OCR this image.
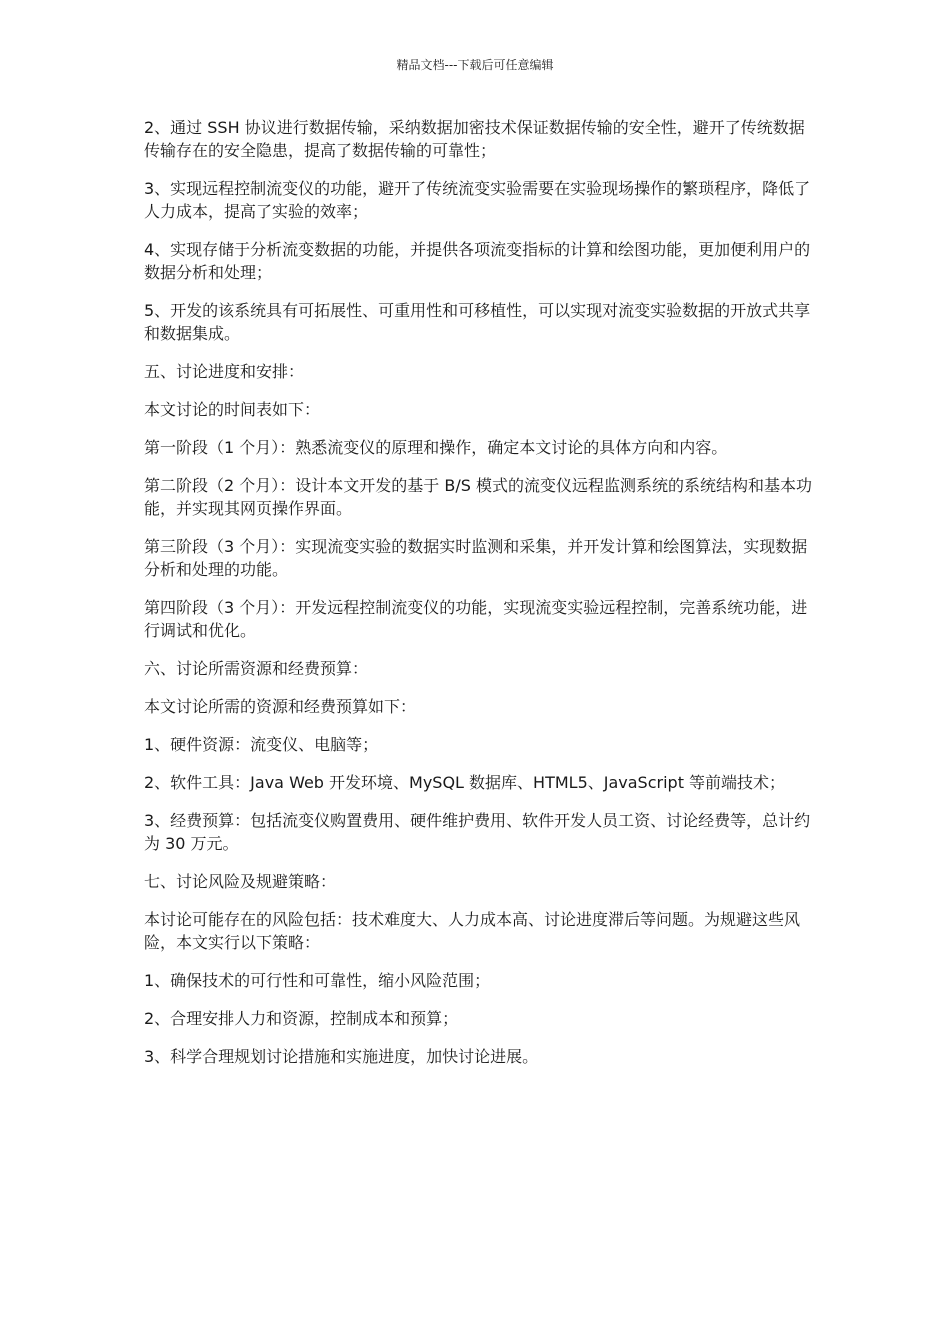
精品文档---下载后可任意编辑

2、通过 SSH 协议进行数据传输，采纳数据加密技术保证数据传输的安全性，避开了传统数据传输存在的安全隐患，提高了数据传输的可靠性；

3、实现远程控制流变仪的功能，避开了传统流变实验需要在实验现场操作的繁琐程序，降低了人力成本，提高了实验的效率；

4、实现存储于分析流变数据的功能，并提供各项流变指标的计算和绘图功能，更加便利用户的数据分析和处理；

5、开发的该系统具有可拓展性、可重用性和可移植性，可以实现对流变实验数据的开放式共享和数据集成。

五、讨论进度和安排：

本文讨论的时间表如下：

第一阶段（1 个月）：熟悉流变仪的原理和操作，确定本文讨论的具体方向和内容。

第二阶段（2 个月）：设计本文开发的基于 B/S 模式的流变仪远程监测系统的系统结构和基本功能，并实现其网页操作界面。

第三阶段（3 个月）：实现流变实验的数据实时监测和采集，并开发计算和绘图算法，实现数据分析和处理的功能。

第四阶段（3 个月）：开发远程控制流变仪的功能，实现流变实验远程控制，完善系统功能，进行调试和优化。

六、讨论所需资源和经费预算：

本文讨论所需的资源和经费预算如下：

1、硬件资源：流变仪、电脑等；

2、软件工具：Java Web 开发环境、MySQL 数据库、HTML5、JavaScript 等前端技术；

3、经费预算：包括流变仪购置费用、硬件维护费用、软件开发人员工资、讨论经费等，总计约为 30 万元。

七、讨论风险及规避策略：

本讨论可能存在的风险包括：技术难度大、人力成本高、讨论进度滞后等问题。为规避这些风险，本文实行以下策略：

1、确保技术的可行性和可靠性，缩小风险范围；

2、合理安排人力和资源，控制成本和预算；

3、科学合理规划讨论措施和实施进度，加快讨论进展。
